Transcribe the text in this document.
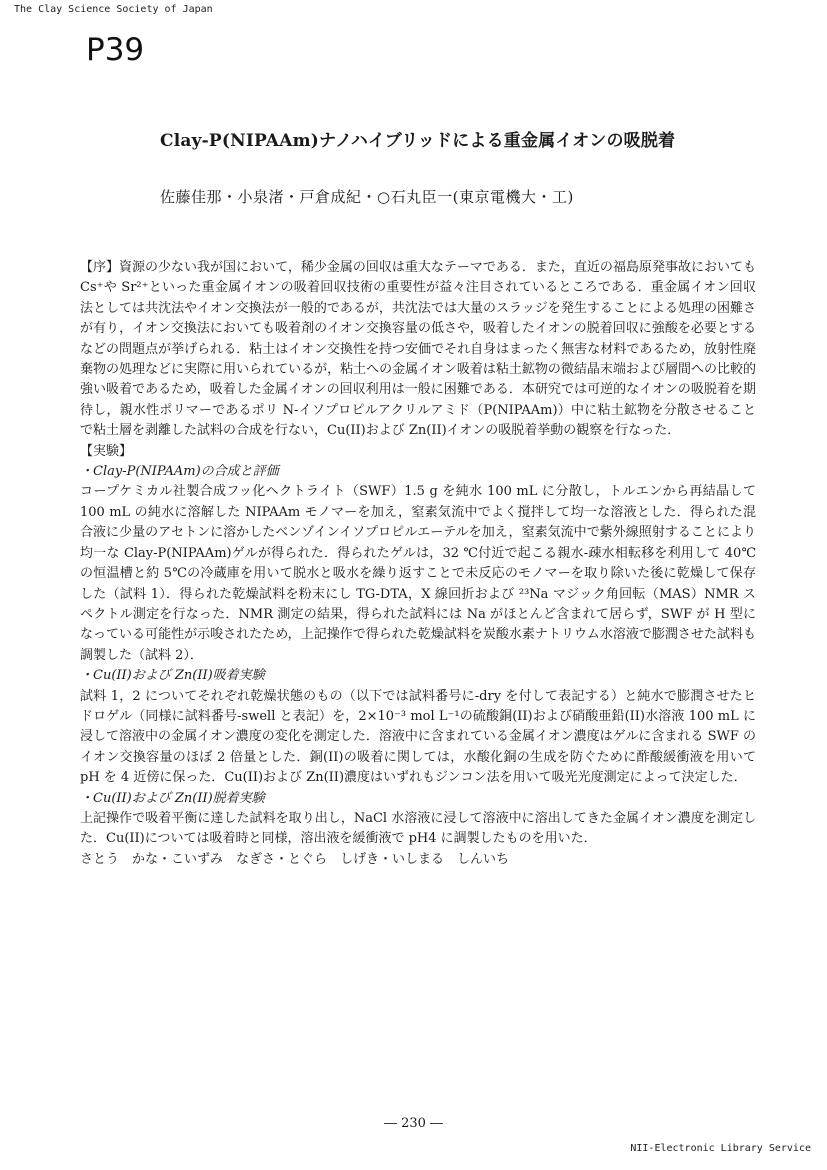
The Clay Science Society of Japan
P39
Clay-P(NIPAAm)ナノハイブリッドによる重金属イオンの吸脱着
佐藤佳那・小泉渚・戸倉成紀・○石丸臣一(東京電機大・工)

【序】資源の少ない我が国において，稀少金属の回収は重大なテーマである．また，直近の福島原発事故においても Cs⁺や Sr²⁺といった重金属イオンの吸着回収技術の重要性が益々注目されているところである．重金属イオン回収法としては共沈法やイオン交換法が一般的であるが，共沈法では大量のスラッジを発生することによる処理の困難さが有り，イオン交換法においても吸着剤のイオン交換容量の低さや，吸着したイオンの脱着回収に強酸を必要とするなどの問題点が挙げられる．粘土はイオン交換性を持つ安価でそれ自身はまったく無害な材料であるため，放射性廃棄物の処理などに実際に用いられているが，粘土への金属イオン吸着は粘土鉱物の微結晶末端および層間への比較的強い吸着であるため，吸着した金属イオンの回収利用は一般に困難である．本研究では可逆的なイオンの吸脱着を期待し，親水性ポリマーであるポリ N-イソプロピルアクリルアミド（P(NIPAAm)）中に粘土鉱物を分散させることで粘土層を剥離した試料の合成を行ない，Cu(II)および Zn(II)イオンの吸脱着挙動の観察を行なった．

【実験】
・Clay-P(NIPAAm)の合成と評価

コープケミカル社製合成フッ化ヘクトライト（SWF）1.5 g を純水 100 mL に分散し，トルエンから再結晶して 100 mL の純水に溶解した NIPAAm モノマーを加え，窒素気流中でよく撹拌して均一な溶液とした．得られた混合液に少量のアセトンに溶かしたベンゾインイソプロピルエーテルを加え，窒素気流中で紫外線照射することにより均一な Clay-P(NIPAAm)ゲルが得られた．得られたゲルは，32 ℃付近で起こる親水-疎水相転移を利用して 40℃の恒温槽と約 5℃の冷蔵庫を用いて脱水と吸水を繰り返すことで未反応のモノマーを取り除いた後に乾燥して保存した（試料 1）．得られた乾燥試料を粉末にし TG-DTA，X 線回折および ²³Na マジック角回転（MAS）NMR スペクトル測定を行なった．NMR 測定の結果，得られた試料には Na がほとんど含まれて居らず，SWF が H 型になっている可能性が示唆されたため，上記操作で得られた乾燥試料を炭酸水素ナトリウム水溶液で膨潤させた試料も調製した（試料 2）．

・Cu(II)および Zn(II)吸着実験

試料 1，2 についてそれぞれ乾燥状態のもの（以下では試料番号に-dry を付して表記する）と純水で膨潤させたヒドロゲル（同様に試料番号-swell と表記）を，2×10⁻³ mol L⁻¹の硫酸銅(II)および硝酸亜鉛(II)水溶液 100 mL に浸して溶液中の金属イオン濃度の変化を測定した．溶液中に含まれている金属イオン濃度はゲルに含まれる SWF のイオン交換容量のほぼ 2 倍量とした．銅(II)の吸着に関しては，水酸化銅の生成を防ぐために酢酸緩衝液を用いて pH を 4 近傍に保った．Cu(II)および Zn(II)濃度はいずれもジンコン法を用いて吸光光度測定によって決定した．

・Cu(II)および Zn(II)脱着実験

上記操作で吸着平衡に達した試料を取り出し，NaCl 水溶液に浸して溶液中に溶出してきた金属イオン濃度を測定した．Cu(II)については吸着時と同様，溶出液を緩衝液で pH4 に調製したものを用いた．

さとう　かな・こいずみ　なぎさ・とぐら　しげき・いしまる　しんいち
― 230 ―
NII-Electronic Library Service
